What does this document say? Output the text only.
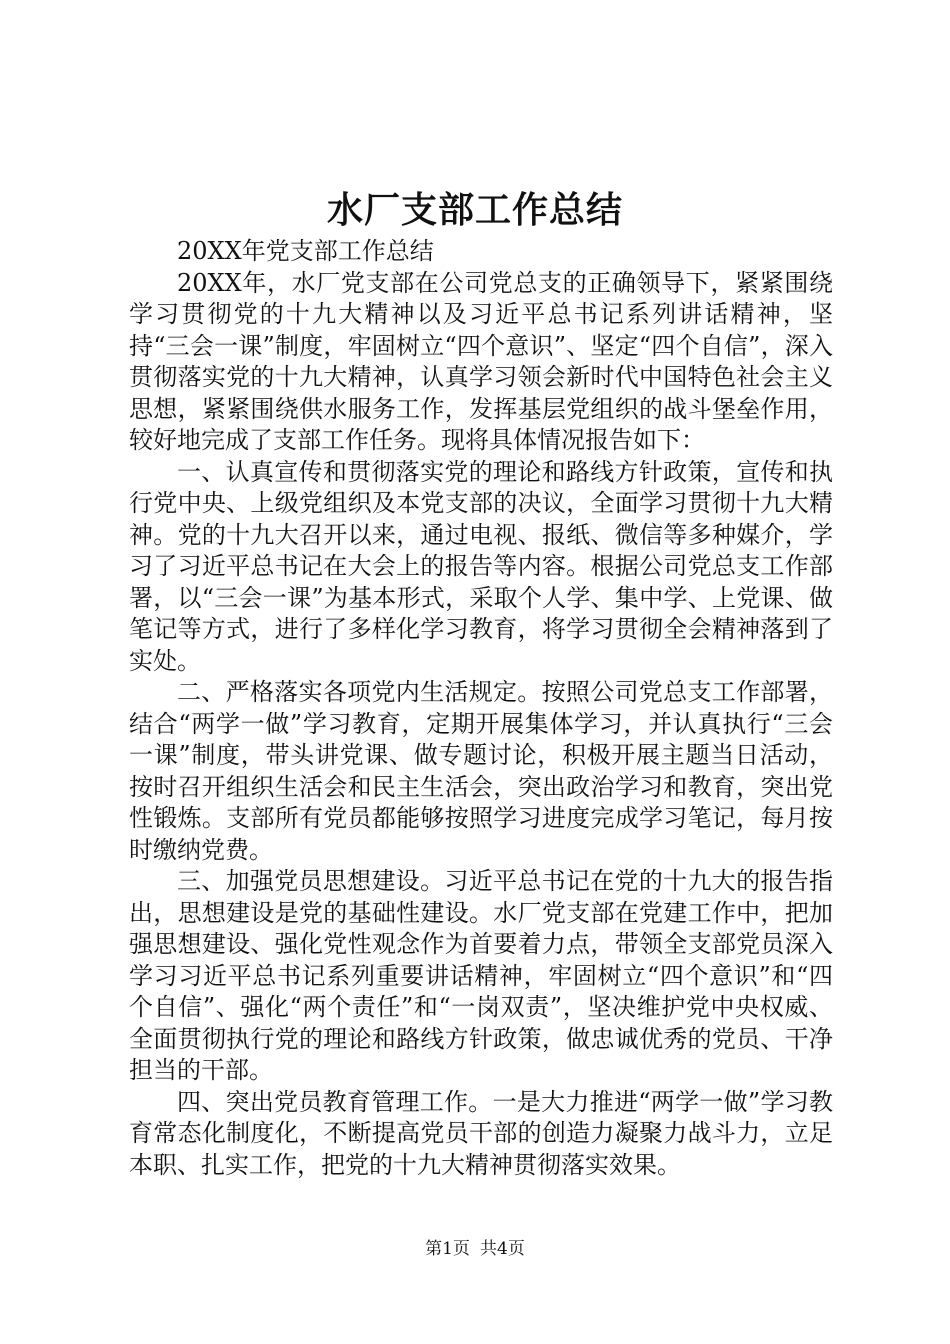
水厂支部工作总结

20XX年党支部工作总结

20XX年，水厂党支部在公司党总支的正确领导下，紧紧围绕学习贯彻党的十九大精神以及习近平总书记系列讲话精神，坚持“三会一课”制度，牢固树立“四个意识”、坚定“四个自信”，深入贯彻落实党的十九大精神，认真学习领会新时代中国特色社会主义思想，紧紧围绕供水服务工作，发挥基层党组织的战斗堡垒作用，较好地完成了支部工作任务。现将具体情况报告如下：

一、认真宣传和贯彻落实党的理论和路线方针政策，宣传和执行党中央、上级党组织及本党支部的决议，全面学习贯彻十九大精神。党的十九大召开以来，通过电视、报纸、微信等多种媒介，学习了习近平总书记在大会上的报告等内容。根据公司党总支工作部署，以“三会一课”为基本形式，采取个人学、集中学、上党课、做笔记等方式，进行了多样化学习教育，将学习贯彻全会精神落到了实处。

二、严格落实各项党内生活规定。按照公司党总支工作部署，结合“两学一做”学习教育，定期开展集体学习，并认真执行“三会一课”制度，带头讲党课、做专题讨论，积极开展主题当日活动，按时召开组织生活会和民主生活会，突出政治学习和教育，突出党性锻炼。支部所有党员都能够按照学习进度完成学习笔记，每月按时缴纳党费。

三、加强党员思想建设。习近平总书记在党的十九大的报告指出，思想建设是党的基础性建设。水厂党支部在党建工作中，把加强思想建设、强化党性观念作为首要着力点，带领全支部党员深入学习习近平总书记系列重要讲话精神，牢固树立“四个意识”和“四个自信”、强化“两个责任”和“一岗双责”，坚决维护党中央权威、全面贯彻执行党的理论和路线方针政策，做忠诚优秀的党员、干净担当的干部。

四、突出党员教育管理工作。一是大力推进“两学一做”学习教育常态化制度化，不断提高党员干部的创造力凝聚力战斗力，立足本职、扎实工作，把党的十九大精神贯彻落实效果。

第1页 共4页
